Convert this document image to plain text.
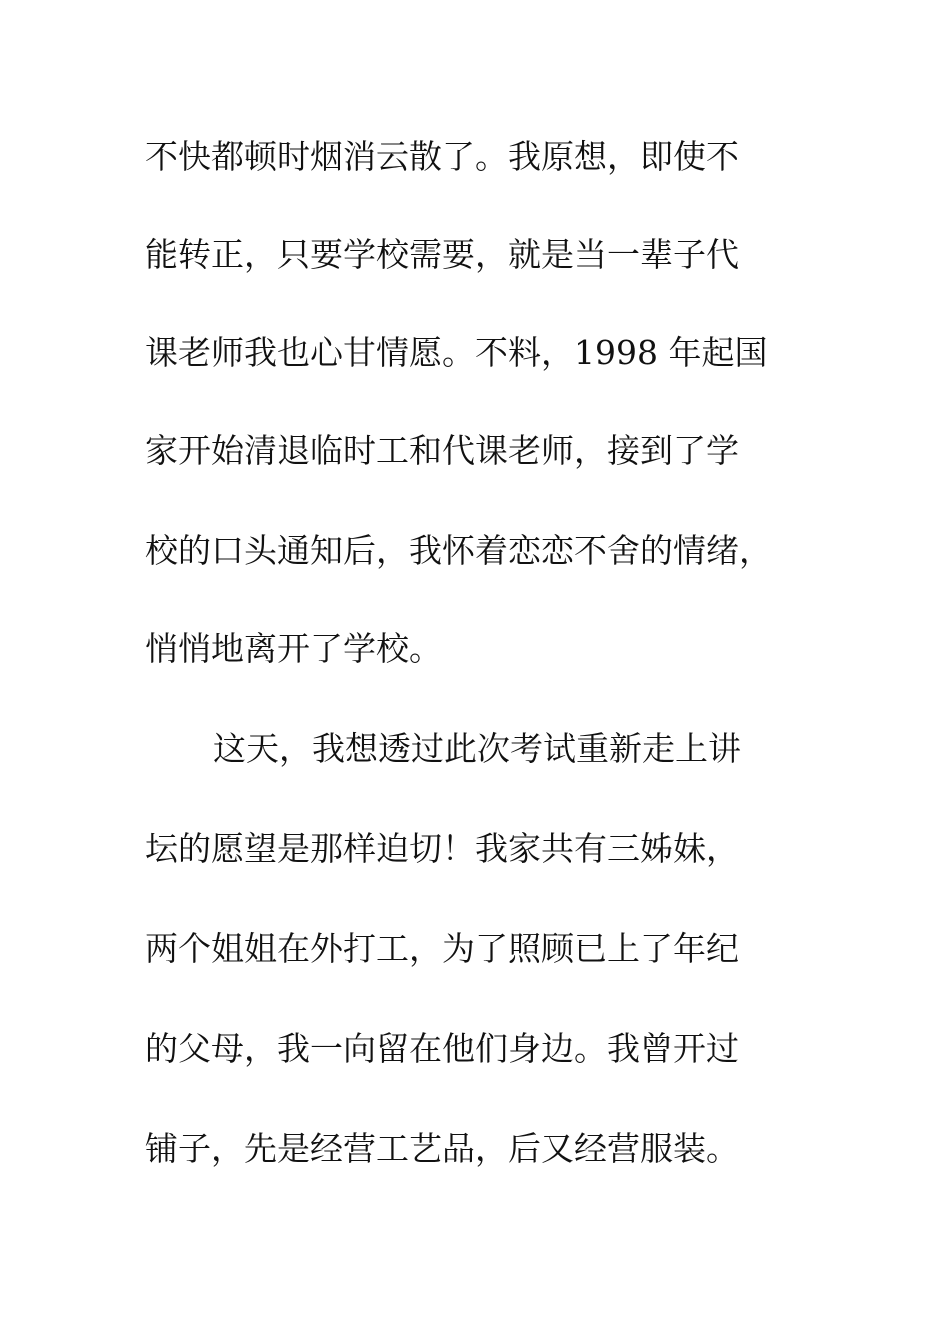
不快都顿时烟消云散了。我原想，即使不
能转正，只要学校需要，就是当一辈子代
课老师我也心甘情愿。不料，1998 年起国
家开始清退临时工和代课老师，接到了学
校的口头通知后，我怀着恋恋不舍的情绪，
悄悄地离开了学校。
这天，我想透过此次考试重新走上讲
坛的愿望是那样迫切！我家共有三姊妹，
两个姐姐在外打工，为了照顾已上了年纪
的父母，我一向留在他们身边。我曾开过
铺子，先是经营工艺品，后又经营服装。
